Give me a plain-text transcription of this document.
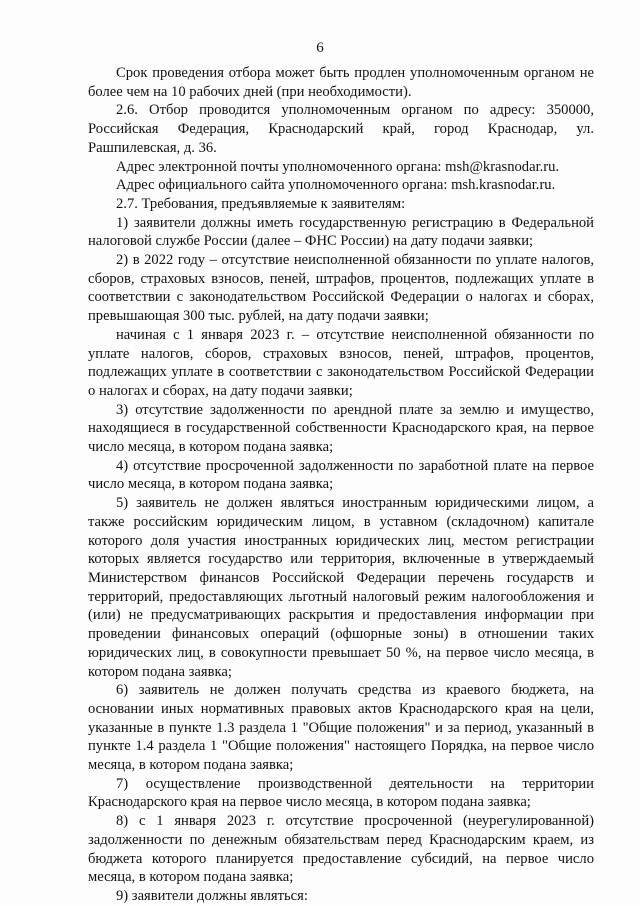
6

Срок проведения отбора может быть продлен уполномоченным органом не более чем на 10 рабочих дней (при необходимости).

2.6. Отбор проводится уполномоченным органом по адресу: 350000, Российская Федерация, Краснодарский край, город Краснодар, ул. Рашпилевская, д. 36.

Адрес электронной почты уполномоченного органа: msh@krasnodar.ru.

Адрес официального сайта уполномоченного органа: msh.krasnodar.ru.

2.7. Требования, предъявляемые к заявителям:

1) заявители должны иметь государственную регистрацию в Федеральной налоговой службе России (далее – ФНС России) на дату подачи заявки;

2) в 2022 году – отсутствие неисполненной обязанности по уплате налогов, сборов, страховых взносов, пеней, штрафов, процентов, подлежащих уплате в соответствии с законодательством Российской Федерации о налогах и сборах, превышающая 300 тыс. рублей, на дату подачи заявки;

начиная с 1 января 2023 г. – отсутствие неисполненной обязанности по уплате налогов, сборов, страховых взносов, пеней, штрафов, процентов, подлежащих уплате в соответствии с законодательством Российской Федерации о налогах и сборах, на дату подачи заявки;

3) отсутствие задолженности по арендной плате за землю и имущество, находящиеся в государственной собственности Краснодарского края, на первое число месяца, в котором подана заявка;

4) отсутствие просроченной задолженности по заработной плате на первое число месяца, в котором подана заявка;

5) заявитель не должен являться иностранным юридическими лицом, а также российским юридическим лицом, в уставном (складочном) капитале которого доля участия иностранных юридических лиц, местом регистрации которых является государство или территория, включенные в утверждаемый Министерством финансов Российской Федерации перечень государств и территорий, предоставляющих льготный налоговый режим налогообложения и (или) не предусматривающих раскрытия и предоставления информации при проведении финансовых операций (офшорные зоны) в отношении таких юридических лиц, в совокупности превышает 50 %, на первое число месяца, в котором подана заявка;

6) заявитель не должен получать средства из краевого бюджета, на основании иных нормативных правовых актов Краснодарского края на цели, указанные в пункте 1.3 раздела 1 "Общие положения" и за период, указанный в пункте 1.4 раздела 1 "Общие положения" настоящего Порядка, на первое число месяца, в котором подана заявка;

7) осуществление производственной деятельности на территории Краснодарского края на первое число месяца, в котором подана заявка;

8) с 1 января 2023 г. отсутствие просроченной (неурегулированной) задолженности по денежным обязательствам перед Краснодарским краем, из бюджета которого планируется предоставление субсидий, на первое число месяца, в котором подана заявка;

9) заявители должны являться:
